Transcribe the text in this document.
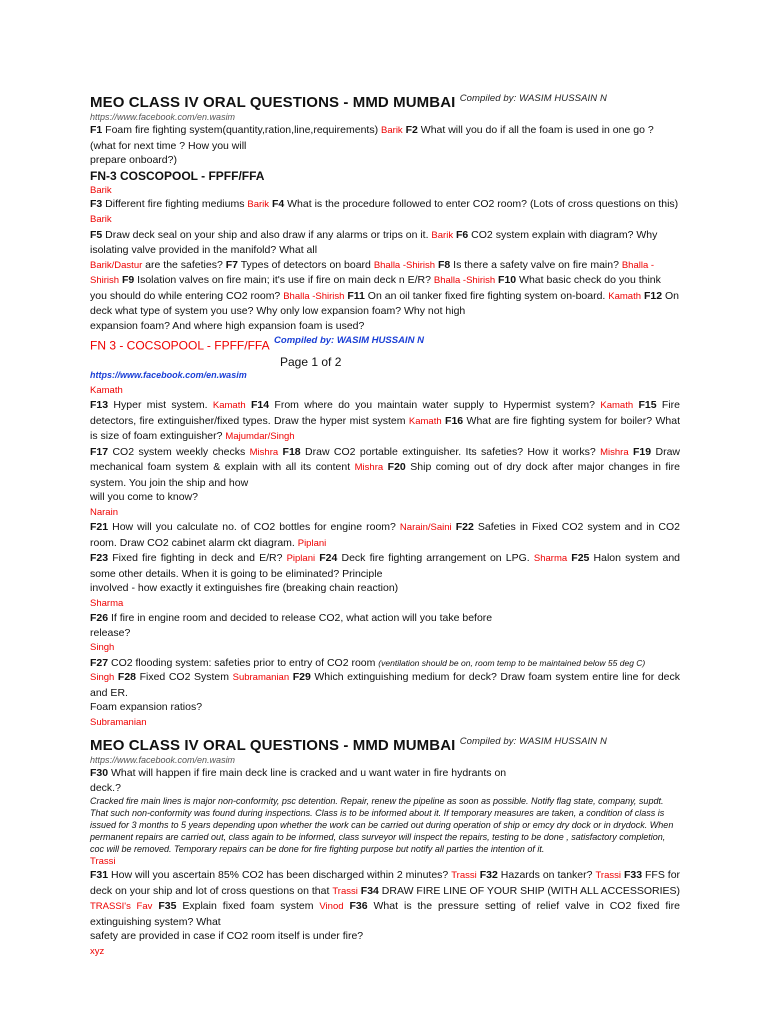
MEO CLASS IV ORAL QUESTIONS - MMD MUMBAI $^{Compiled by: WASIM HUSSAIN N}$
https://www.facebook.com/en.wasim

F1 Foam fire fighting system(quantity,ration,line,requirements) Barik F2 What will you do if all the foam is used in one go ? (what for next time ? How you will
prepare onboard?)

FN-3 COSCOPOOL - FPFF/FFA
Barik

F3 Different fire fighting mediums Barik F4 What is the procedure followed to enter CO2 room? (Lots of cross questions on this) Barik
F5 Draw deck seal on your ship and also draw if any alarms or trips on it. Barik F6 CO2 system explain with diagram? Why isolating valve provided in the manifold? What all
Barik/Dastur are the safeties? F7 Types of detectors on board Bhalla -Shirish F8 Is there a safety valve on fire main? Bhalla -Shirish F9 Isolation valves on fire main; it's use if fire on main deck n E/R? Bhalla -Shirish F10 What basic check do you think you should do while entering CO2 room? Bhalla -Shirish F11 On an oil tanker fixed fire fighting system on-board. Kamath F12 On deck what type of system you use? Why only low expansion foam? Why not high
expansion foam? And where high expansion foam is used?

FN 3 - COCSOPOOL - FPFF/FFA $^{Compiled by: WASIM HUSSAIN N}$
Page 1 of 2
https://www.facebook.com/en.wasim
Kamath

F13 Hyper mist system. Kamath F14 From where do you maintain water supply to Hypermist system? Kamath F15 Fire detectors, fire extinguisher/fixed types. Draw the hyper mist system Kamath F16 What are fire fighting system for boiler? What is size of foam extinguisher? Majumdar/Singh
F17 CO2 system weekly checks Mishra F18 Draw CO2 portable extinguisher. Its safeties? How it works? Mishra F19 Draw mechanical foam system & explain with all its content Mishra F20 Ship coming out of dry dock after major changes in fire system. You join the ship and how
will you come to know?
Narain
F21 How will you calculate no. of CO2 bottles for engine room? Narain/Saini F22 Safeties in Fixed CO2 system and in CO2 room. Draw CO2 cabinet alarm ckt diagram. Piplani
F23 Fixed fire fighting in deck and E/R? Piplani F24 Deck fire fighting arrangement on LPG. Sharma F25 Halon system and some other details. When it is going to be eliminated? Principle
involved - how exactly it extinguishes fire (breaking chain reaction)
Sharma
F26 If fire in engine room and decided to release CO2, what action will you take before
release?
Singh
F27 CO2 flooding system: safeties prior to entry of CO2 room (ventilation should be on, room temp to be maintained below 55 deg C)
Singh F28 Fixed CO2 System Subramanian F29 Which extinguishing medium for deck? Draw foam system entire line for deck and ER.
Foam expansion ratios?
Subramanian

MEO CLASS IV ORAL QUESTIONS - MMD MUMBAI $^{Compiled by: WASIM HUSSAIN N}$
https://www.facebook.com/en.wasim

F30 What will happen if fire main deck line is cracked and u want water in fire hydrants on
deck.?

Cracked fire main lines is major non-conformity, psc detention. Repair, renew the pipeline as soon as possible. Notify flag state, company, supdt. That such non-conformity was found during inspections. Class is to be informed about it. If temporary measures are taken, a condition of class is issued for 3 months to 5 years depending upon whether the work can be carried out during operation of ship or emcy dry dock or in drydock. When permanent repairs are carried out, class again to be informed, class surveyor will inspect the repairs, testing to be done , satisfactory completion, coc will be removed. Temporary repairs can be done for fire fighting purpose but notify all parties the intention of it.
Trassi

F31 How will you ascertain 85% CO2 has been discharged within 2 minutes? Trassi F32 Hazards on tanker? Trassi F33 FFS for deck on your ship and lot of cross questions on that Trassi F34 DRAW FIRE LINE OF YOUR SHIP (WITH ALL ACCESSORIES) TRASSI's Fav F35 Explain fixed foam system Vinod F36 What is the pressure setting of relief valve in CO2 fixed fire extinguishing system? What
safety are provided in case if CO2 room itself is under fire?
xyz
